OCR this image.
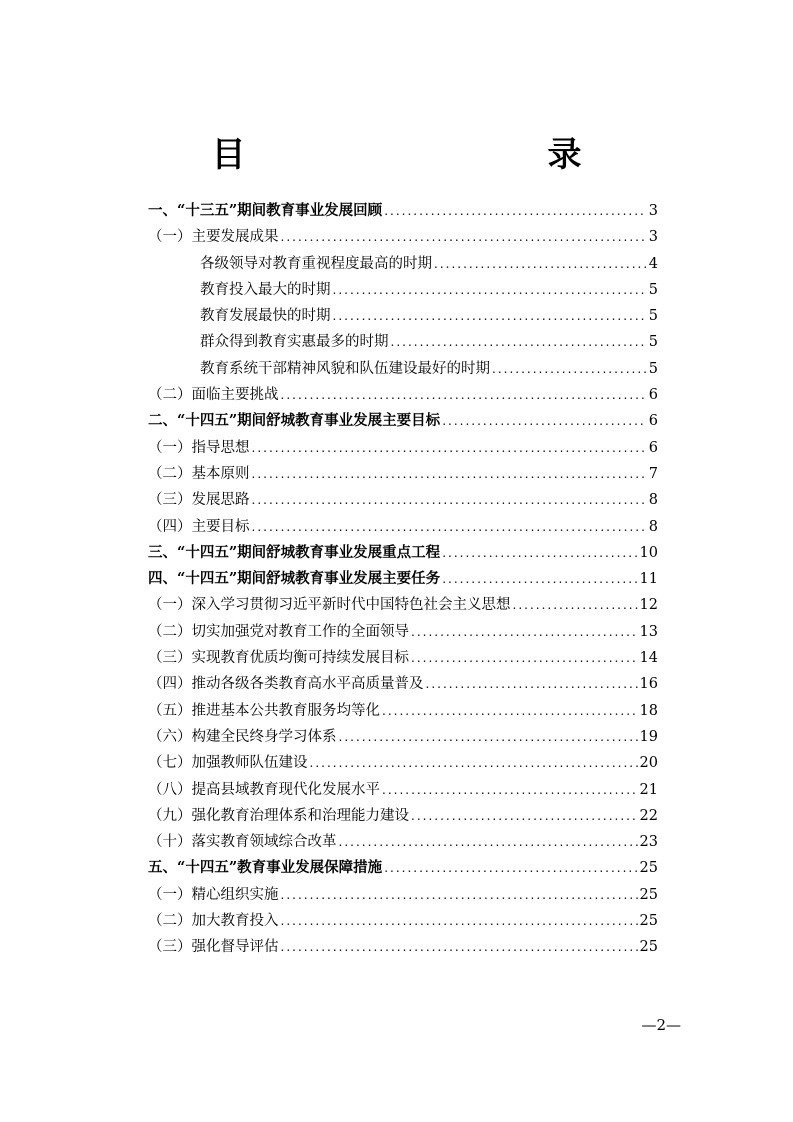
目　　录
一、“十三五”期间教育事业发展回顾 .....	3
（一）主要发展成果 .....	3
各级领导对教育重视程度最高的时期 .....	4
教育投入最大的时期 .....	5
教育发展最快的时期 .....	5
群众得到教育实惠最多的时期 .....	5
教育系统干部精神风貌和队伍建设最好的时期 .....	5
（二）面临主要挑战 .....	6
二、“十四五”期间舒城教育事业发展主要目标 .....	6
（一）指导思想 .....	6
（二）基本原则 .....	7
（三）发展思路 .....	8
（四）主要目标 .....	8
三、“十四五”期间舒城教育事业发展重点工程 .....	10
四、“十四五”期间舒城教育事业发展主要任务 .....	11
（一）深入学习贯彻习近平新时代中国特色社会主义思想 .....	12
（二）切实加强党对教育工作的全面领导 .....	13
（三）实现教育优质均衡可持续发展目标 .....	14
（四）推动各级各类教育高水平高质量普及 .....	16
（五）推进基本公共教育服务均等化 .....	18
（六）构建全民终身学习体系 .....	19
（七）加强教师队伍建设 .....	20
（八）提高县域教育现代化发展水平 .....	21
（九）强化教育治理体系和治理能力建设 .....	22
（十）落实教育领域综合改革 .....	23
五、“十四五”教育事业发展保障措施 .....	25
（一）精心组织实施 .....	25
（二）加大教育投入 .....	25
（三）强化督导评估 .....	25
—2—
